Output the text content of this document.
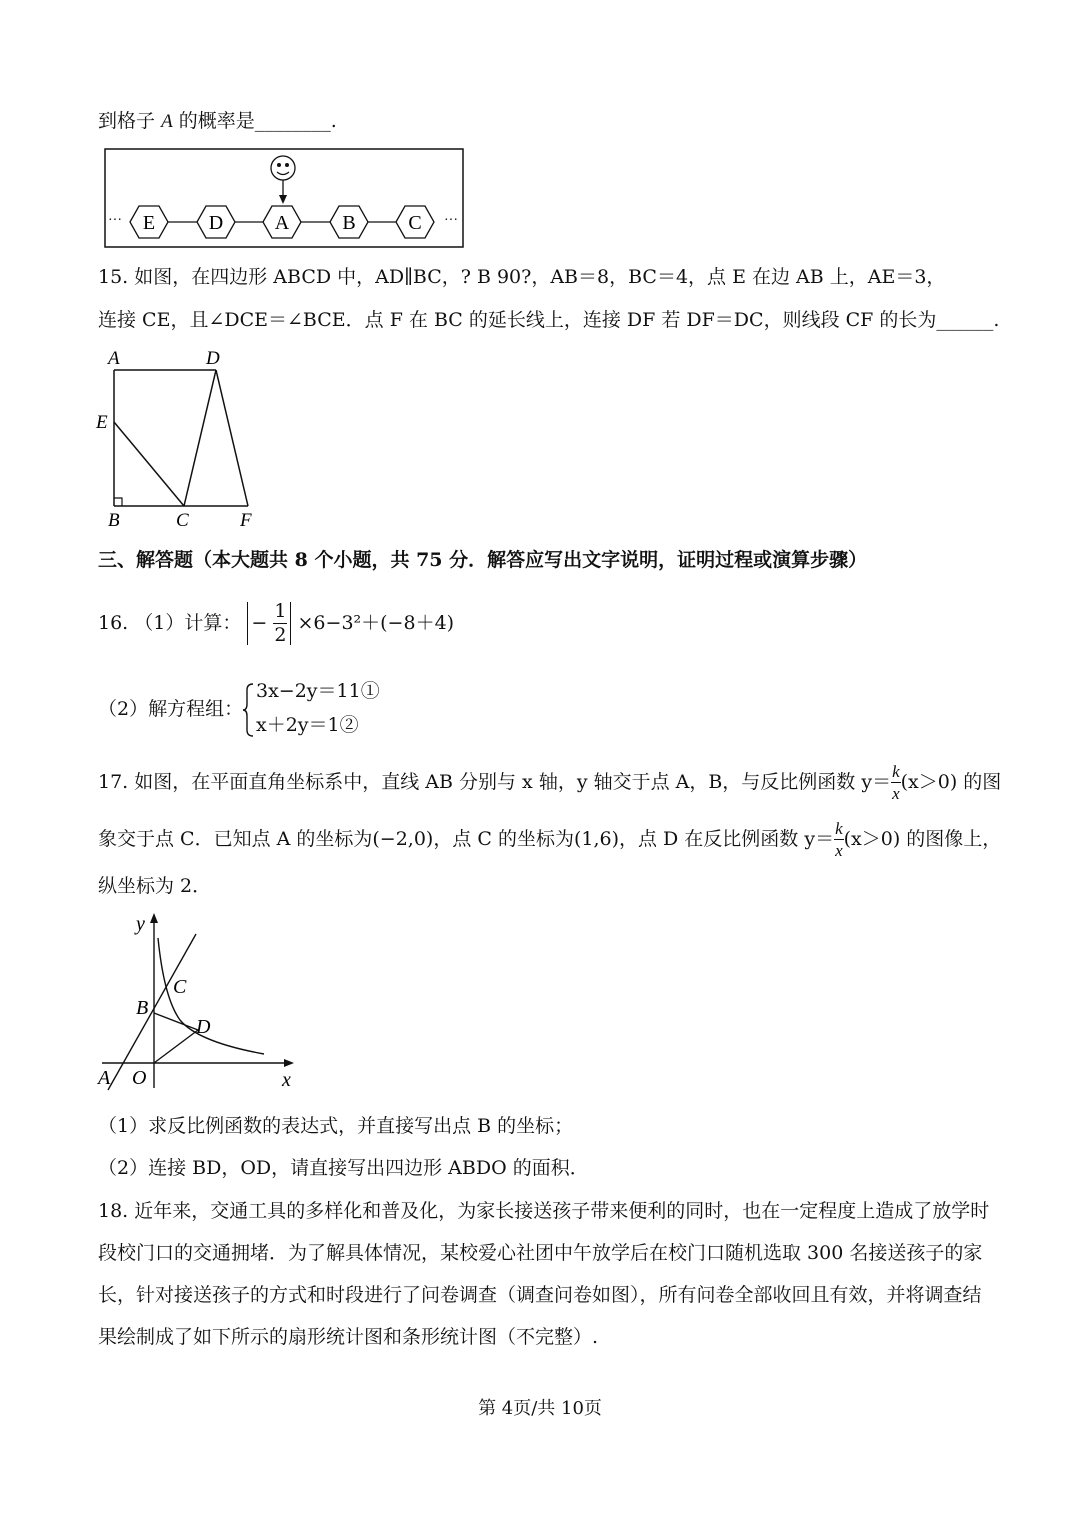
到格子 A 的概率是________.
···	···
E	D	A	B	C
15. 如图，在四边形 ABCD 中，AD∥BC，? B 90?，AB＝8，BC＝4，点 E 在边 AB 上，AE＝3，
连接 CE，且∠DCE＝∠BCE．点 F 在 BC 的延长线上，连接 DF 若 DF＝DC，则线段 CF 的长为______.
A	D
E
B	C	F
三、解答题（本大题共 8 个小题，共 75 分．解答应写出文字说明，证明过程或演算步骤）
16. （1）计算： − $\frac{1}{2} \times 6-3^2+(-8+4)$
（2）解方程组：
3x−2y＝11①
x＋2y＝1②
17. 如图，在平面直角坐标系中，直线 AB 分别与 x 轴，y 轴交于点 A，B，与反比例函数 $y= \frac{k}{x} (x>0)$ 的图
象交于点 C．已知点 A 的坐标为(−2,0)，点 C 的坐标为(1,6)，点 D 在反比例函数 $y= \frac{k}{x} (x>0)$ 的图像上，
纵坐标为 2．
y
x
A O
B
C
D
（1）求反比例函数的表达式，并直接写出点 B 的坐标；
（2）连接 BD，OD，请直接写出四边形 ABDO 的面积．
18. 近年来，交通工具的多样化和普及化，为家长接送孩子带来便利的同时，也在一定程度上造成了放学时
段校门口的交通拥堵．为了解具体情况，某校爱心社团中午放学后在校门口随机选取 300 名接送孩子的家
长，针对接送孩子的方式和时段进行了问卷调查（调查问卷如图），所有问卷全部收回且有效，并将调查结
果绘制成了如下所示的扇形统计图和条形统计图（不完整）.
第 4页/共 10页
